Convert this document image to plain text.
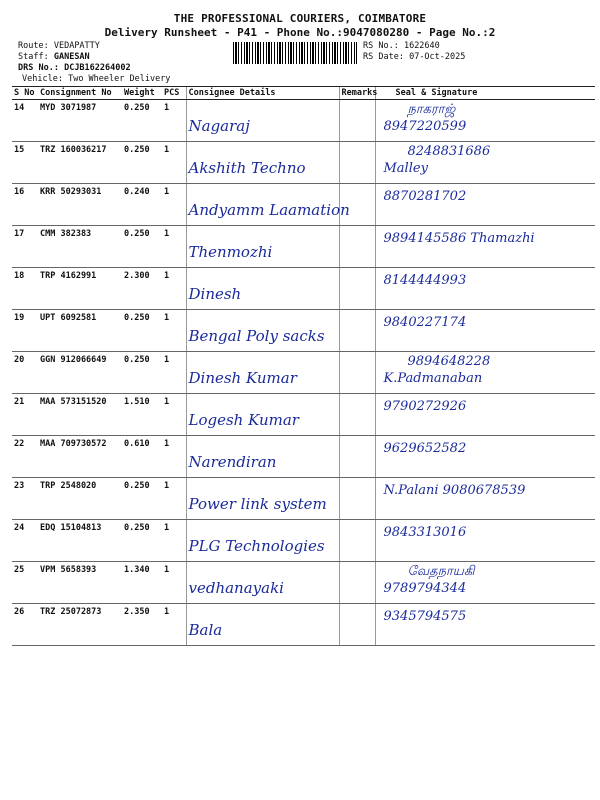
THE PROFESSIONAL COURIERS, COIMBATORE
Delivery Runsheet - P41 - Phone No.:9047080280 - Page No.:2
Route: VEDAPATTY
Staff: GANESAN
DRS No.: DCJB162264002
Vehicle: Two Wheeler Delivery
RS No.: 1622640
RS Date: 07-Oct-2025
S No	Consignment No	Weight	PCS	Consignee Details	Remarks	Seal & Signature
14	MYD 3071987	0.250	1	Nagaraj		நாகராஜ்
8947220599

15	TRZ 160036217	0.250	1	Akshith Techno		8248831686
Malley

16	KRR 50293031	0.240	1	Andyamm Laamation		8870281702

17	CMM 382383	0.250	1	Thenmozhi		9894145586 Thamazhi

18	TRP 4162991	2.300	1	Dinesh		8144444993

19	UPT 6092581	0.250	1	Bengal Poly sacks		9840227174

20	GGN 912066649	0.250	1	Dinesh Kumar		9894648228
K.Padmanaban

21	MAA 573151520	1.510	1	Logesh Kumar		9790272926

22	MAA 709730572	0.610	1	Narendiran		9629652582

23	TRP 2548020	0.250	1	Power link system		N.Palani 9080678539

24	EDQ 15104813	0.250	1	PLG Technologies		9843313016

25	VPM 5658393	1.340	1	vedhanayaki		வேதநாயகி
9789794344

26	TRZ 25072873	2.350	1	Bala		9345794575
